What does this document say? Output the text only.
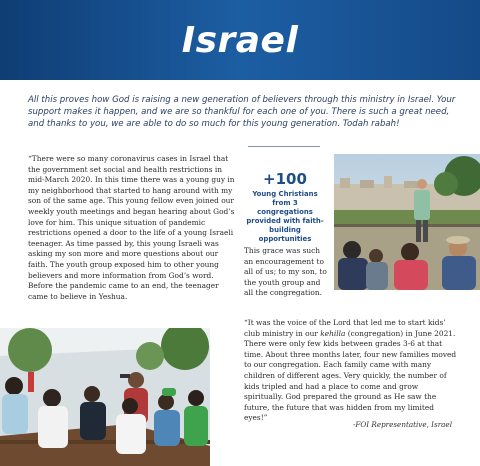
Israel

All this proves how God is raising a new generation of believers through this ministry in Israel. Your support makes it happen, and we are so thankful for each one of you. There is such a great need, and thanks to you, we are able to do so much for this young generation. Todah rabah!

“There were so many coronavirus cases in Israel that the government set social and health restrictions in mid-March 2020. In this time there was a young guy in my neighborhood that started to hang around with my son of the same age. This young fellow even joined our weekly youth meetings and began hearing about God’s love for him. This unique situation of pandemic restrictions opened a door to the life of a young Israeli teenager. As time passed by, this young Israeli was asking my son more and more questions about our faith. The youth group exposed him to other young believers and more information from God’s word. Before the pandemic came to an end, the teenager came to believe in Yeshua.

+100
Young Christians from 3 congregations provided with faith-building opportunities

This grace was such an encouragement to all of us; to my son, to the youth group and all the congregation.

“It was the voice of the Lord that led me to start kids’ club ministry in our kehilla (congregation) in June 2021. There were only few kids between grades 3-6 at that time. About three months later, four new families moved to our congregation. Each family came with many children of different ages. Very quickly, the number of kids tripled and had a place to come and grow spiritually. God prepared the ground as He saw the future, the future that was hidden from my limited eyes!”

-FOI Representative, Israel
